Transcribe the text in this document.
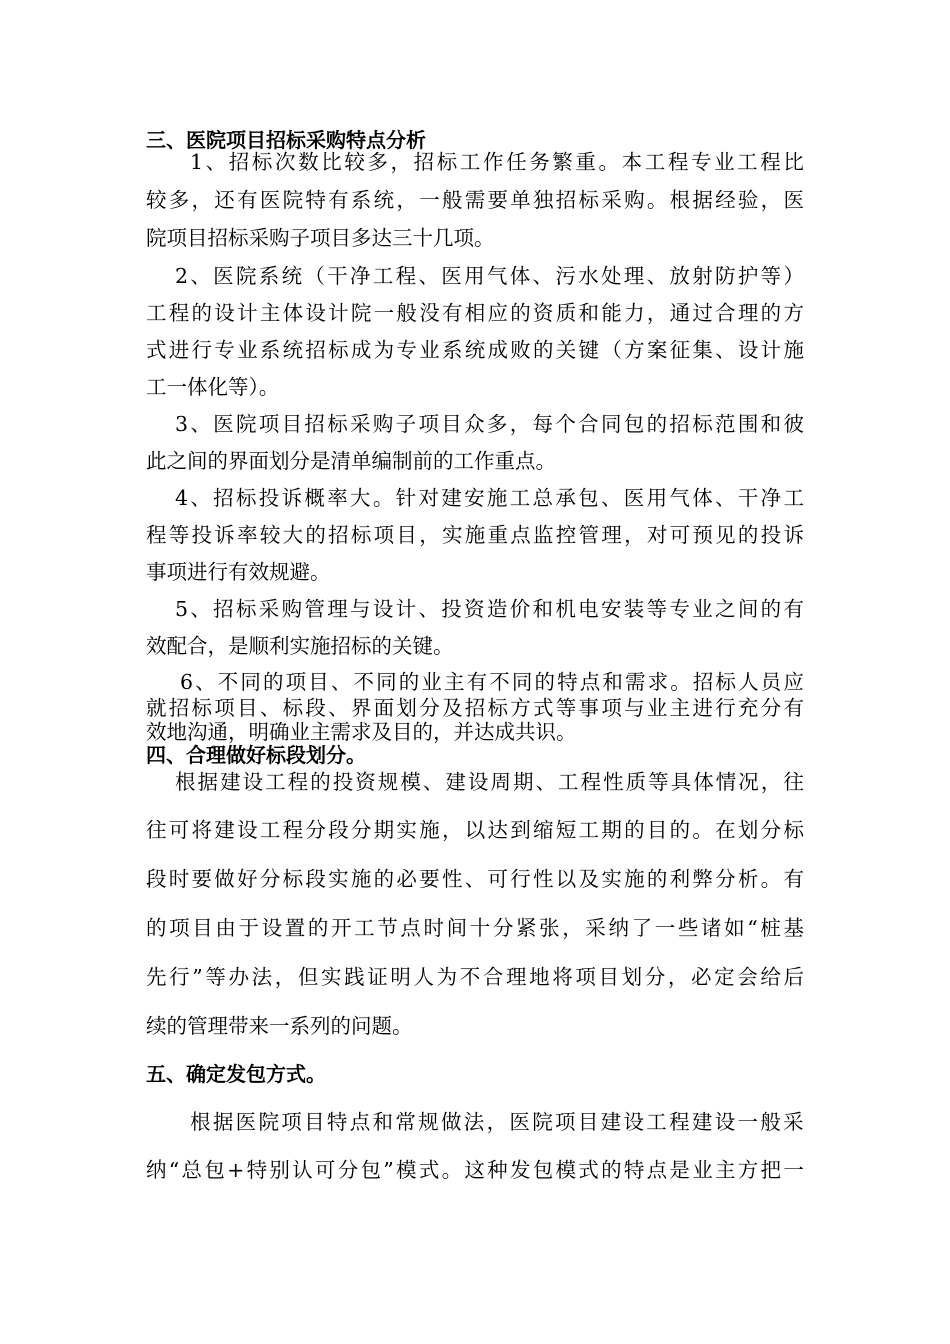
三、医院项目招标采购特点分析
1 、 招 标 次 数 比 较 多 ， 招 标 工 作 任 务 繁 重 。 本 工 程 专 业 工 程 比
较 多 ， 还 有 医 院 特 有 系 统 ， 一 般 需 要 单 独 招 标 采 购 。 根 据 经 验 ， 医
院项目招标采购子项目多达三十几项。
2 、 医 院 系 统 （ 干 净 工 程 、 医 用 气 体 、 污 水 处 理 、 放 射 防 护 等 ）
工 程 的 设 计 主 体 设 计 院 一 般 没 有 相 应 的 资 质 和 能 力 ， 通 过 合 理 的 方
式 进 行 专 业 系 统 招 标 成 为 专 业 系 统 成 败 的 关 键 （ 方 案 征 集 、 设 计 施
工一体化等）。
3 、 医 院 项 目 招 标 采 购 子 项 目 众 多 ， 每 个 合 同 包 的 招 标 范 围 和 彼
此之间的界面划分是清单编制前的工作重点。
4 、 招 标 投 诉 概 率 大 。 针 对 建 安 施 工 总 承 包 、 医 用 气 体 、 干 净 工
程 等 投 诉 率 较 大 的 招 标 项 目 ， 实 施 重 点 监 控 管 理 ， 对 可 预 见 的 投 诉
事项进行有效规避。
5 、 招 标 采 购 管 理 与 设 计 、 投 资 造 价 和 机 电 安 装 等 专 业 之 间 的 有
效配合，是顺利实施招标的关键。
6 、 不 同 的 项 目 、 不 同 的 业 主 有 不 同 的 特 点 和 需 求 。 招 标 人 员 应
就 招 标 项 目 、 标 段 、 界 面 划 分 及 招 标 方 式 等 事 项 与 业 主 进 行 充 分 有
效地沟通，明确业主需求及目的，并达成共识。
四、合理做好标段划分。
根 据 建 设 工 程 的 投 资 规 模 、 建 设 周 期 、 工 程 性 质 等 具 体 情 况 ， 往
往 可 将 建 设 工 程 分 段 分 期 实 施 ， 以 达 到 缩 短 工 期 的 目 的 。 在 划 分 标
段 时 要 做 好 分 标 段 实 施 的 必 要 性 、 可 行 性 以 及 实 施 的 利 弊 分 析 。 有
的 项 目 由 于 设 置 的 开 工 节 点 时 间 十 分 紧 张 ， 采 纳 了 一 些 诸 如 “ 桩 基
先 行 ” 等 办 法 ， 但 实 践 证 明 人 为 不 合 理 地 将 项 目 划 分 ， 必 定 会 给 后
续的管理带来一系列的问题。
五、确定发包方式。
根 据 医 院 项 目 特 点 和 常 规 做 法 ， 医 院 项 目 建 设 工 程 建 设 一 般 采
纳 “ 总 包 + 特 别 认 可 分 包 ” 模 式 。 这 种 发 包 模 式 的 特 点 是 业 主 方 把 一
